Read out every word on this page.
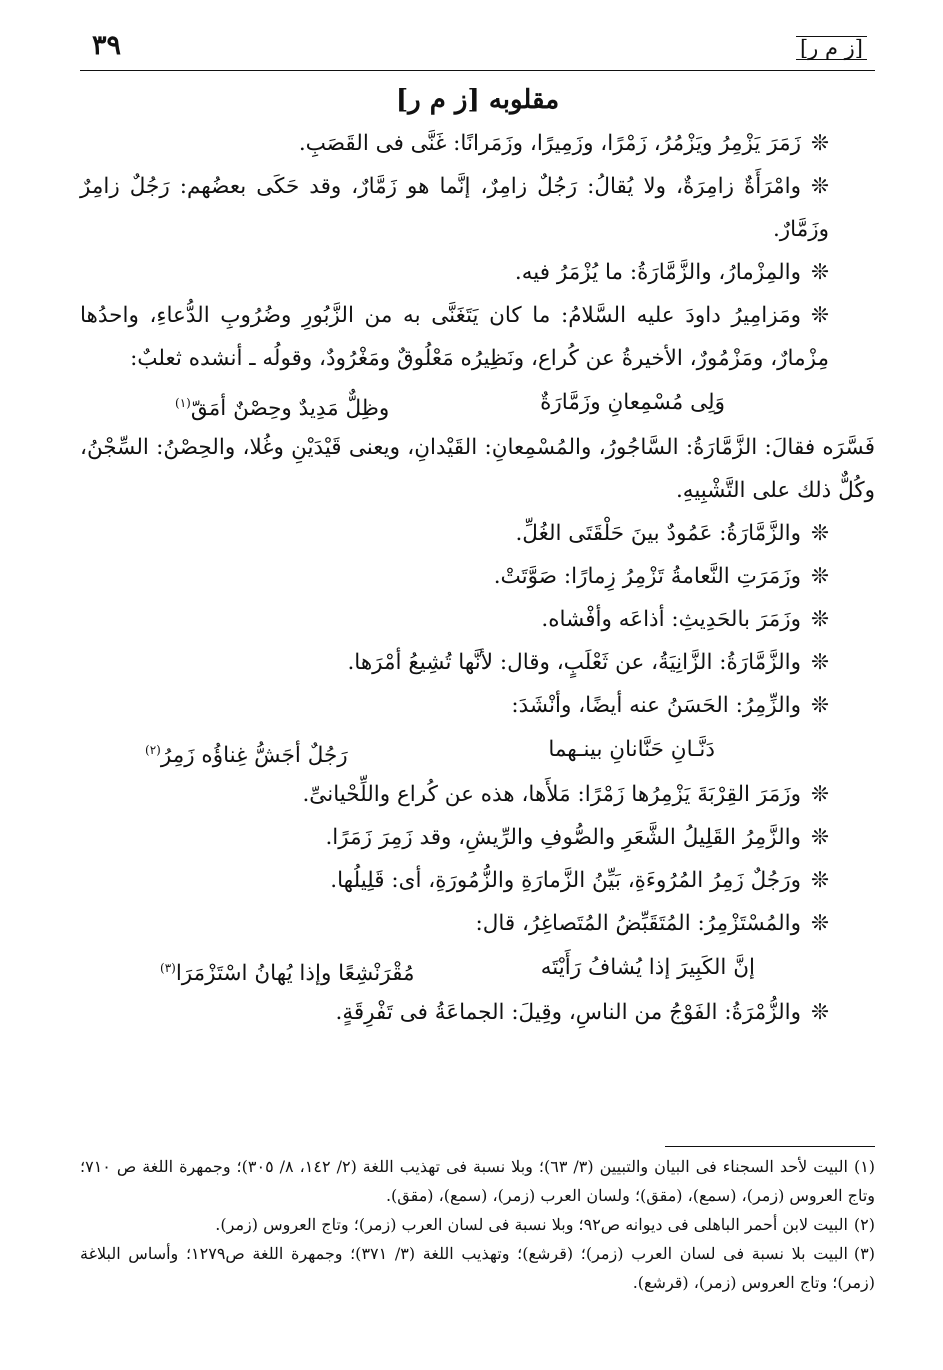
[ز م ر]
٣٩
مقلوبه [ز م ر]

❊زَمَرَ يَزْمِرُ ويَزْمُرُ، زَمْرًا، وزَمِيرًا، وزَمَرانًا: غَنَّى فى القَصَبِ.

❊وامْرَأَةٌ زامِرَةٌ، ولا يُقالُ: رَجُلٌ زامِرٌ، إنَّما هو زَمَّارٌ، وقد حَكَى بعضُهم: رَجُلٌ زامِرٌ وزَمَّارٌ.

❊والمِزْمارُ، والزَّمَّارَةُ: ما يُزْمَرُ فيه.

❊ومَزامِيرُ داودَ عليه السَّلامُ: ما كان يَتَغَنَّى به من الزَّبُورِ وضُرُوبِ الدُّعاءِ، واحدُها مِزْمارٌ، ومَزْمُورٌ، الأخيرةُ عن كُراع، ونَظِيرُه مَعْلُوقٌ ومَغْرُودٌ، وقولُه ـ أنشده ثعلبٌ:

وَلِى مُسْمِعانِ وزَمَّارَةٌ
وظِلٌّ مَدِيدٌ وحِصْنٌ أمَقّ$^{(١)}$

فَسَّرَه فقالَ: الزَّمَّارَةُ: السَّاجُورُ، والمُسْمِعانِ: القَيْدانِ، ويعنى قَيْدَيْنِ وغُلا، والحِصْنُ: السِّجْنُ، وكُلٌّ ذلك على التَّشْبِيهِ.

❊والزَّمَّارَةُ: عَمُودٌ بينَ حَلْقَتَى الغُلِّ.

❊وزَمَرَتِ النَّعامةُ تَزْمِرُ زِمارًا: صَوَّتَتْ.

❊وزَمَرَ بالحَدِيثِ: أذاعَه وأفْشاه.

❊والزَّمَّارَةُ: الزَّانِيَةُ، عن ثَعْلَبٍ، وقال: لأنَّها تُشِيعُ أمْرَها.

❊والزِّمِرُ: الحَسَنُ عنه أيضًا، وأنْشَدَ:

دَنَّـانِ حَنَّانانِ بينـهما
رَجُلٌ أجَشُّ غِناؤُه زَمِرُ$^{(٢)}$

❊وزَمَرَ القِرْبَةَ يَزْمِرُها زَمْرًا: مَلأَها، هذه عن كُراع واللِّحْيانىِّ.

❊والزَّمِرُ القَلِيلُ الشَّعَرِ والصُّوفِ والرِّيشِ، وقد زَمِرَ زَمَرًا.

❊ورَجُلٌ زَمِرُ المُرُوءَةِ، بَيِّنُ الزَّمارَةِ والزُّمُورَةِ، أى: قَلِيلُها.

❊والمُسْتَزْمِرُ: المُتَقَبِّضُ المُتَصاغِرُ، قال:

إنَّ الكَبِيرَ إذا يُشافُ رَأَيْتَه
مُقْرَنْشِعًا وإذا يُهانُ اسْتَزْمَرَا$^{(٣)}$

❊والزُّمْرَةُ: الفَوْجُ من الناسِ، وقِيلَ: الجماعَةُ فى تَفْرِقَةٍ.

(١)البيت لأحد السجناء فى البيان والتبيين (٣/ ٦٣)؛ وبلا نسبة فى تهذيب اللغة (٢/ ١٤٢، ٨/ ٣٠٥)؛ وجمهرة اللغة ص ٧١٠؛ وتاج العروس (زمر)، (سمع)، (مقق)؛ ولسان العرب (زمر)، (سمع)، (مقق).

(٢)البيت لابن أحمر الباهلى فى ديوانه ص٩٢؛ وبلا نسبة فى لسان العرب (زمر)؛ وتاج العروس (زمر).

(٣)البيت بلا نسبة فى لسان العرب (زمر)؛ (قرشع)؛ وتهذيب اللغة (٣/ ٣٧١)؛ وجمهرة اللغة ص١٢٧٩؛ وأساس البلاغة (زمر)؛ وتاج العروس (زمر)، (قرشع).
